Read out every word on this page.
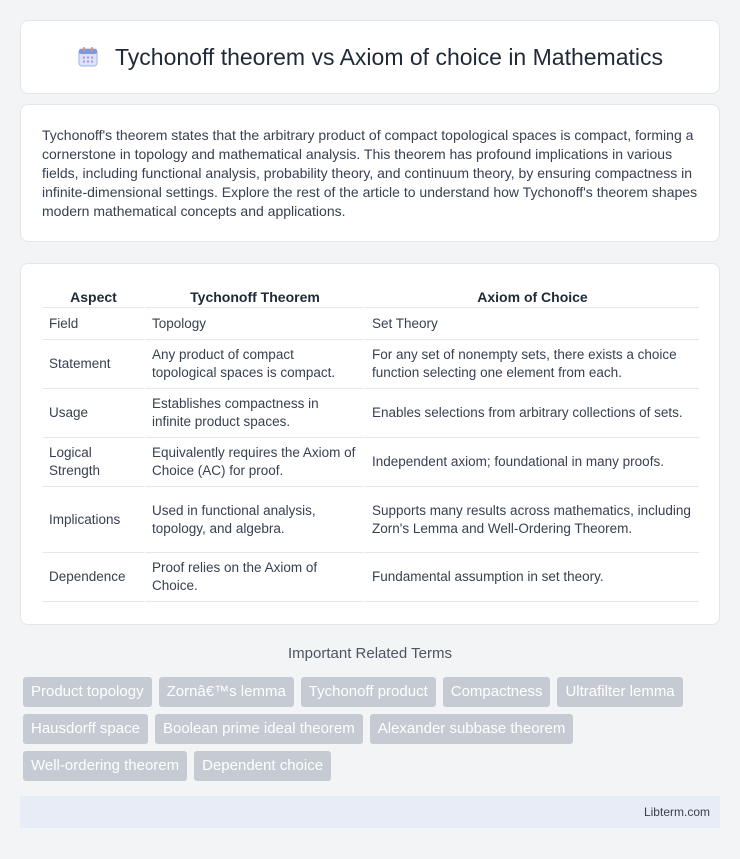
Tychonoff theorem vs Axiom of choice in Mathematics

Tychonoff's theorem states that the arbitrary product of compact topological spaces is compact, forming a cornerstone in topology and mathematical analysis. This theorem has profound implications in various fields, including functional analysis, probability theory, and continuum theory, by ensuring compactness in infinite-dimensional settings. Explore the rest of the article to understand how Tychonoff's theorem shapes modern mathematical concepts and applications.

Aspect	Tychonoff Theorem	Axiom of Choice
Field	Topology	Set Theory
Statement	Any product of compact topological spaces is compact.	For any set of nonempty sets, there exists a choice function selecting one element from each.
Usage	Establishes compactness in infinite product spaces.	Enables selections from arbitrary collections of sets.
Logical Strength	Equivalently requires the Axiom of Choice (AC) for proof.	Independent axiom; foundational in many proofs.
Implications	Used in functional analysis, topology, and algebra.	Supports many results across mathematics, including Zorn's Lemma and Well-Ordering Theorem.
Dependence	Proof relies on the Axiom of Choice.	Fundamental assumption in set theory.
Important Related Terms
Product topology	Zornâ€™s lemma	Tychonoff product	Compactness	Ultrafilter lemma
Hausdorff space	Boolean prime ideal theorem	Alexander subbase theorem
Well-ordering theorem	Dependent choice
Libterm.com
